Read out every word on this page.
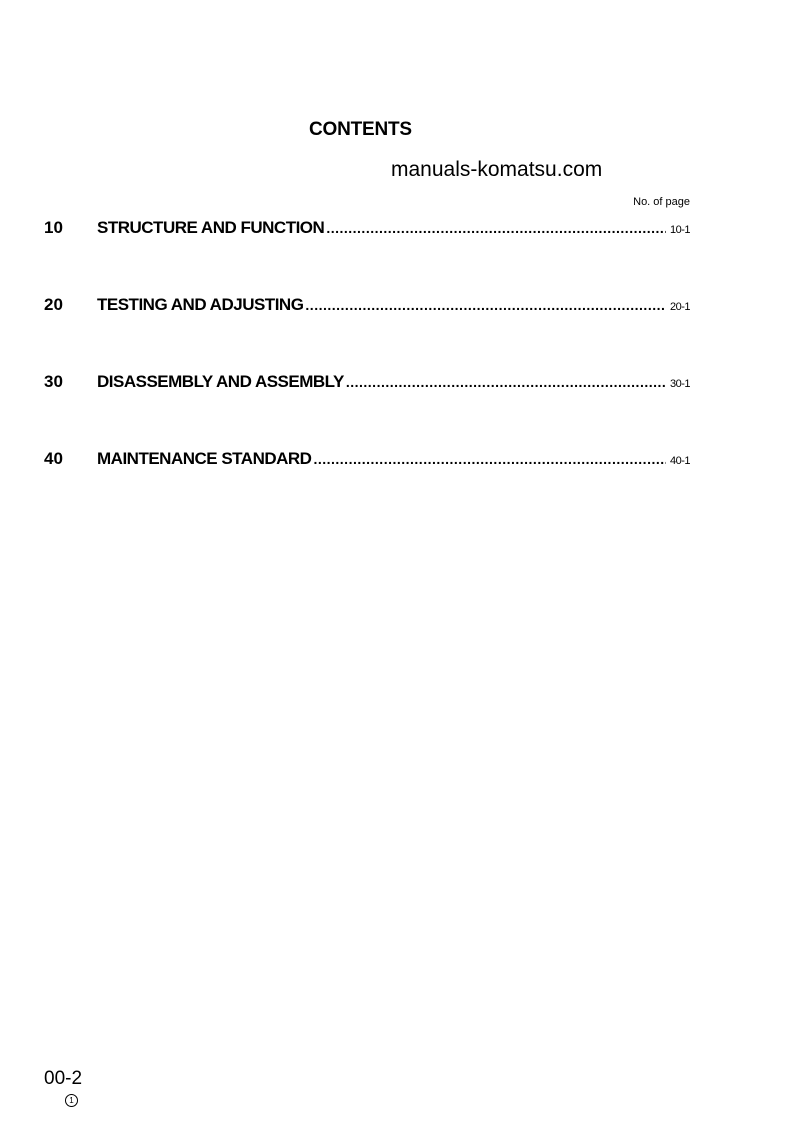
CONTENTS
manuals-komatsu.com
No. of page
10	STRUCTURE AND FUNCTION .....	10-1
20	TESTING AND ADJUSTING .....	20-1
30	DISASSEMBLY AND ASSEMBLY .....	30-1
40	MAINTENANCE STANDARD .....	40-1
00-2
1
